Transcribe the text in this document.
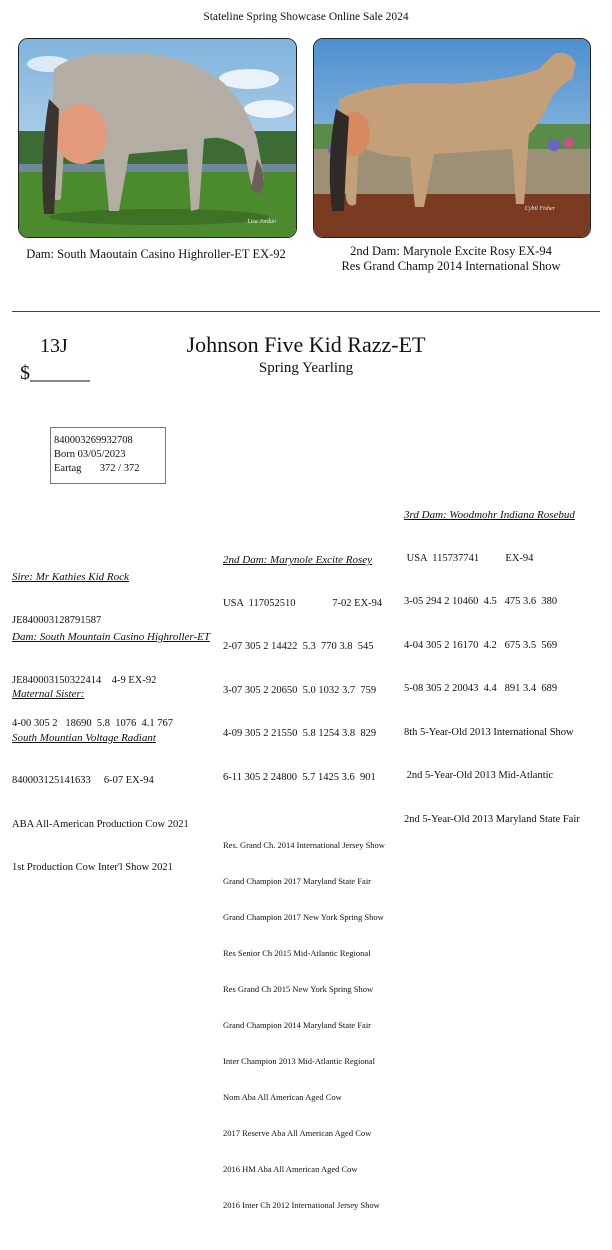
Stateline Spring Showcase Online Sale 2024
Lisa Jordan
Dam: South Maoutain Casino Highroller-ET EX-92
Cybil Fisher
2nd Dam: Marynole Excite Rosy EX-94
Res Grand Champ 2014 International Show
13J
$______
Johnson Five Kid Razz-ET
Spring Yearling
840003269932708
Born 03/05/2023
Eartag       372 / 372

Sire: Mr Kathies Kid Rock

JE840003128791587

Dam: South Mountain Casino Highroller-ET

JE840003150322414    4-9 EX-92

4-00 305 2   18690  5.8  1076  4.1 767

Maternal Sister:

South Mountian Voltage Radiant

840003125141633     6-07 EX-94

ABA All-American Production Cow 2021

1st Production Cow Inter'l Show 2021

2nd Dam: Marynole Excite Rosey

USA  117052510              7-02 EX-94

2-07 305 2 14422  5.3  770 3.8  545

3-07 305 2 20650  5.0 1032 3.7  759

4-09 305 2 21550  5.8 1254 3.8  829

6-11 305 2 24800  5.7 1425 3.6  901

Res. Grand Ch. 2014 International Jersey Show

Grand Champion 2017 Maryland State Fair

Grand Champion 2017 New York Spring Show

Res Senior Ch 2015 Mid-Atlantic Regional

Res Grand Ch 2015 New York Spring Show

Grand Champion 2014 Maryland State Fair

Inter Champion 2013 Mid-Atlantic Regional

Nom Aba All American Aged Cow

2017 Reserve Aba All American Aged Cow

2016 HM Aba All American Aged Cow

2016 Inter Ch 2012 International Jersey Show

3rd Dam: Woodmohr Indiana Rosebud

USA  115737741          EX-94

3-05 294 2 10460  4.5   475 3.6  380

4-04 305 2 16170  4.2   675 3.5  569

5-08 305 2 20043  4.4   891 3.4  689

8th 5-Year-Old 2013 International Show

2nd 5-Year-Old 2013 Mid-Atlantic

2nd 5-Year-Old 2013 Maryland State Fair
